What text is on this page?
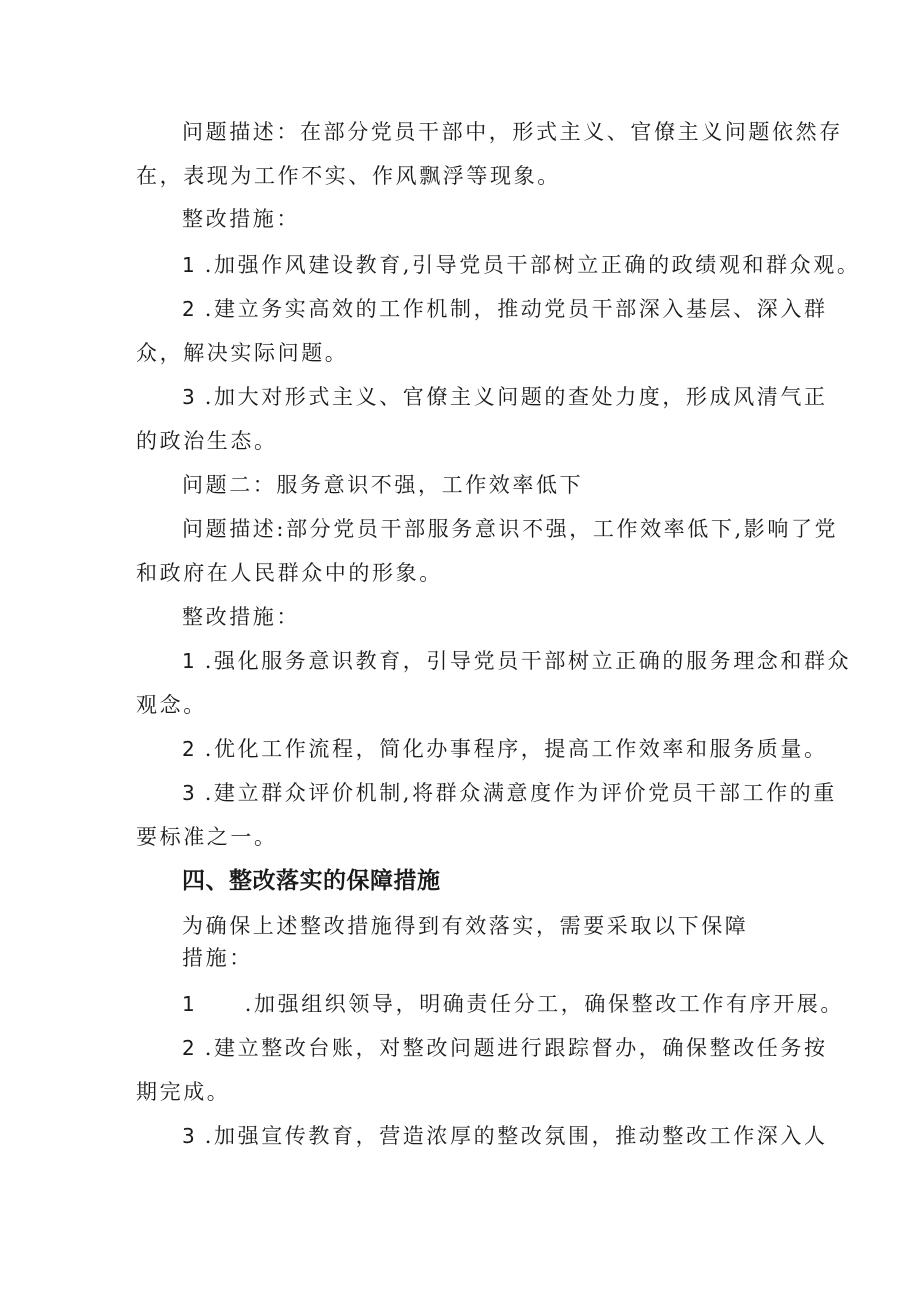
问题描述：在部分党员干部中，形式主义、官僚主义问题依然存
在，表现为工作不实、作风飘浮等现象。
整改措施：
1 .加强作风建设教育,引导党员干部树立正确的政绩观和群众观。
2 .建立务实高效的工作机制，推动党员干部深入基层、深入群
众，解决实际问题。
3 .加大对形式主义、官僚主义问题的查处力度，形成风清气正
的政治生态。
问题二：服务意识不强，工作效率低下
问题描述:部分党员干部服务意识不强，工作效率低下,影响了党
和政府在人民群众中的形象。
整改措施：
1 .强化服务意识教育，引导党员干部树立正确的服务理念和群众
观念。
2 .优化工作流程，简化办事程序，提高工作效率和服务质量。
3 .建立群众评价机制,将群众满意度作为评价党员干部工作的重
要标准之一。
四、整改落实的保障措施
为确保上述整改措施得到有效落实，需要采取以下保障
措施：
1 .加强组织领导，明确责任分工，确保整改工作有序开展。
2 .建立整改台账，对整改问题进行跟踪督办，确保整改任务按
期完成。
3 .加强宣传教育，营造浓厚的整改氛围，推动整改工作深入人
